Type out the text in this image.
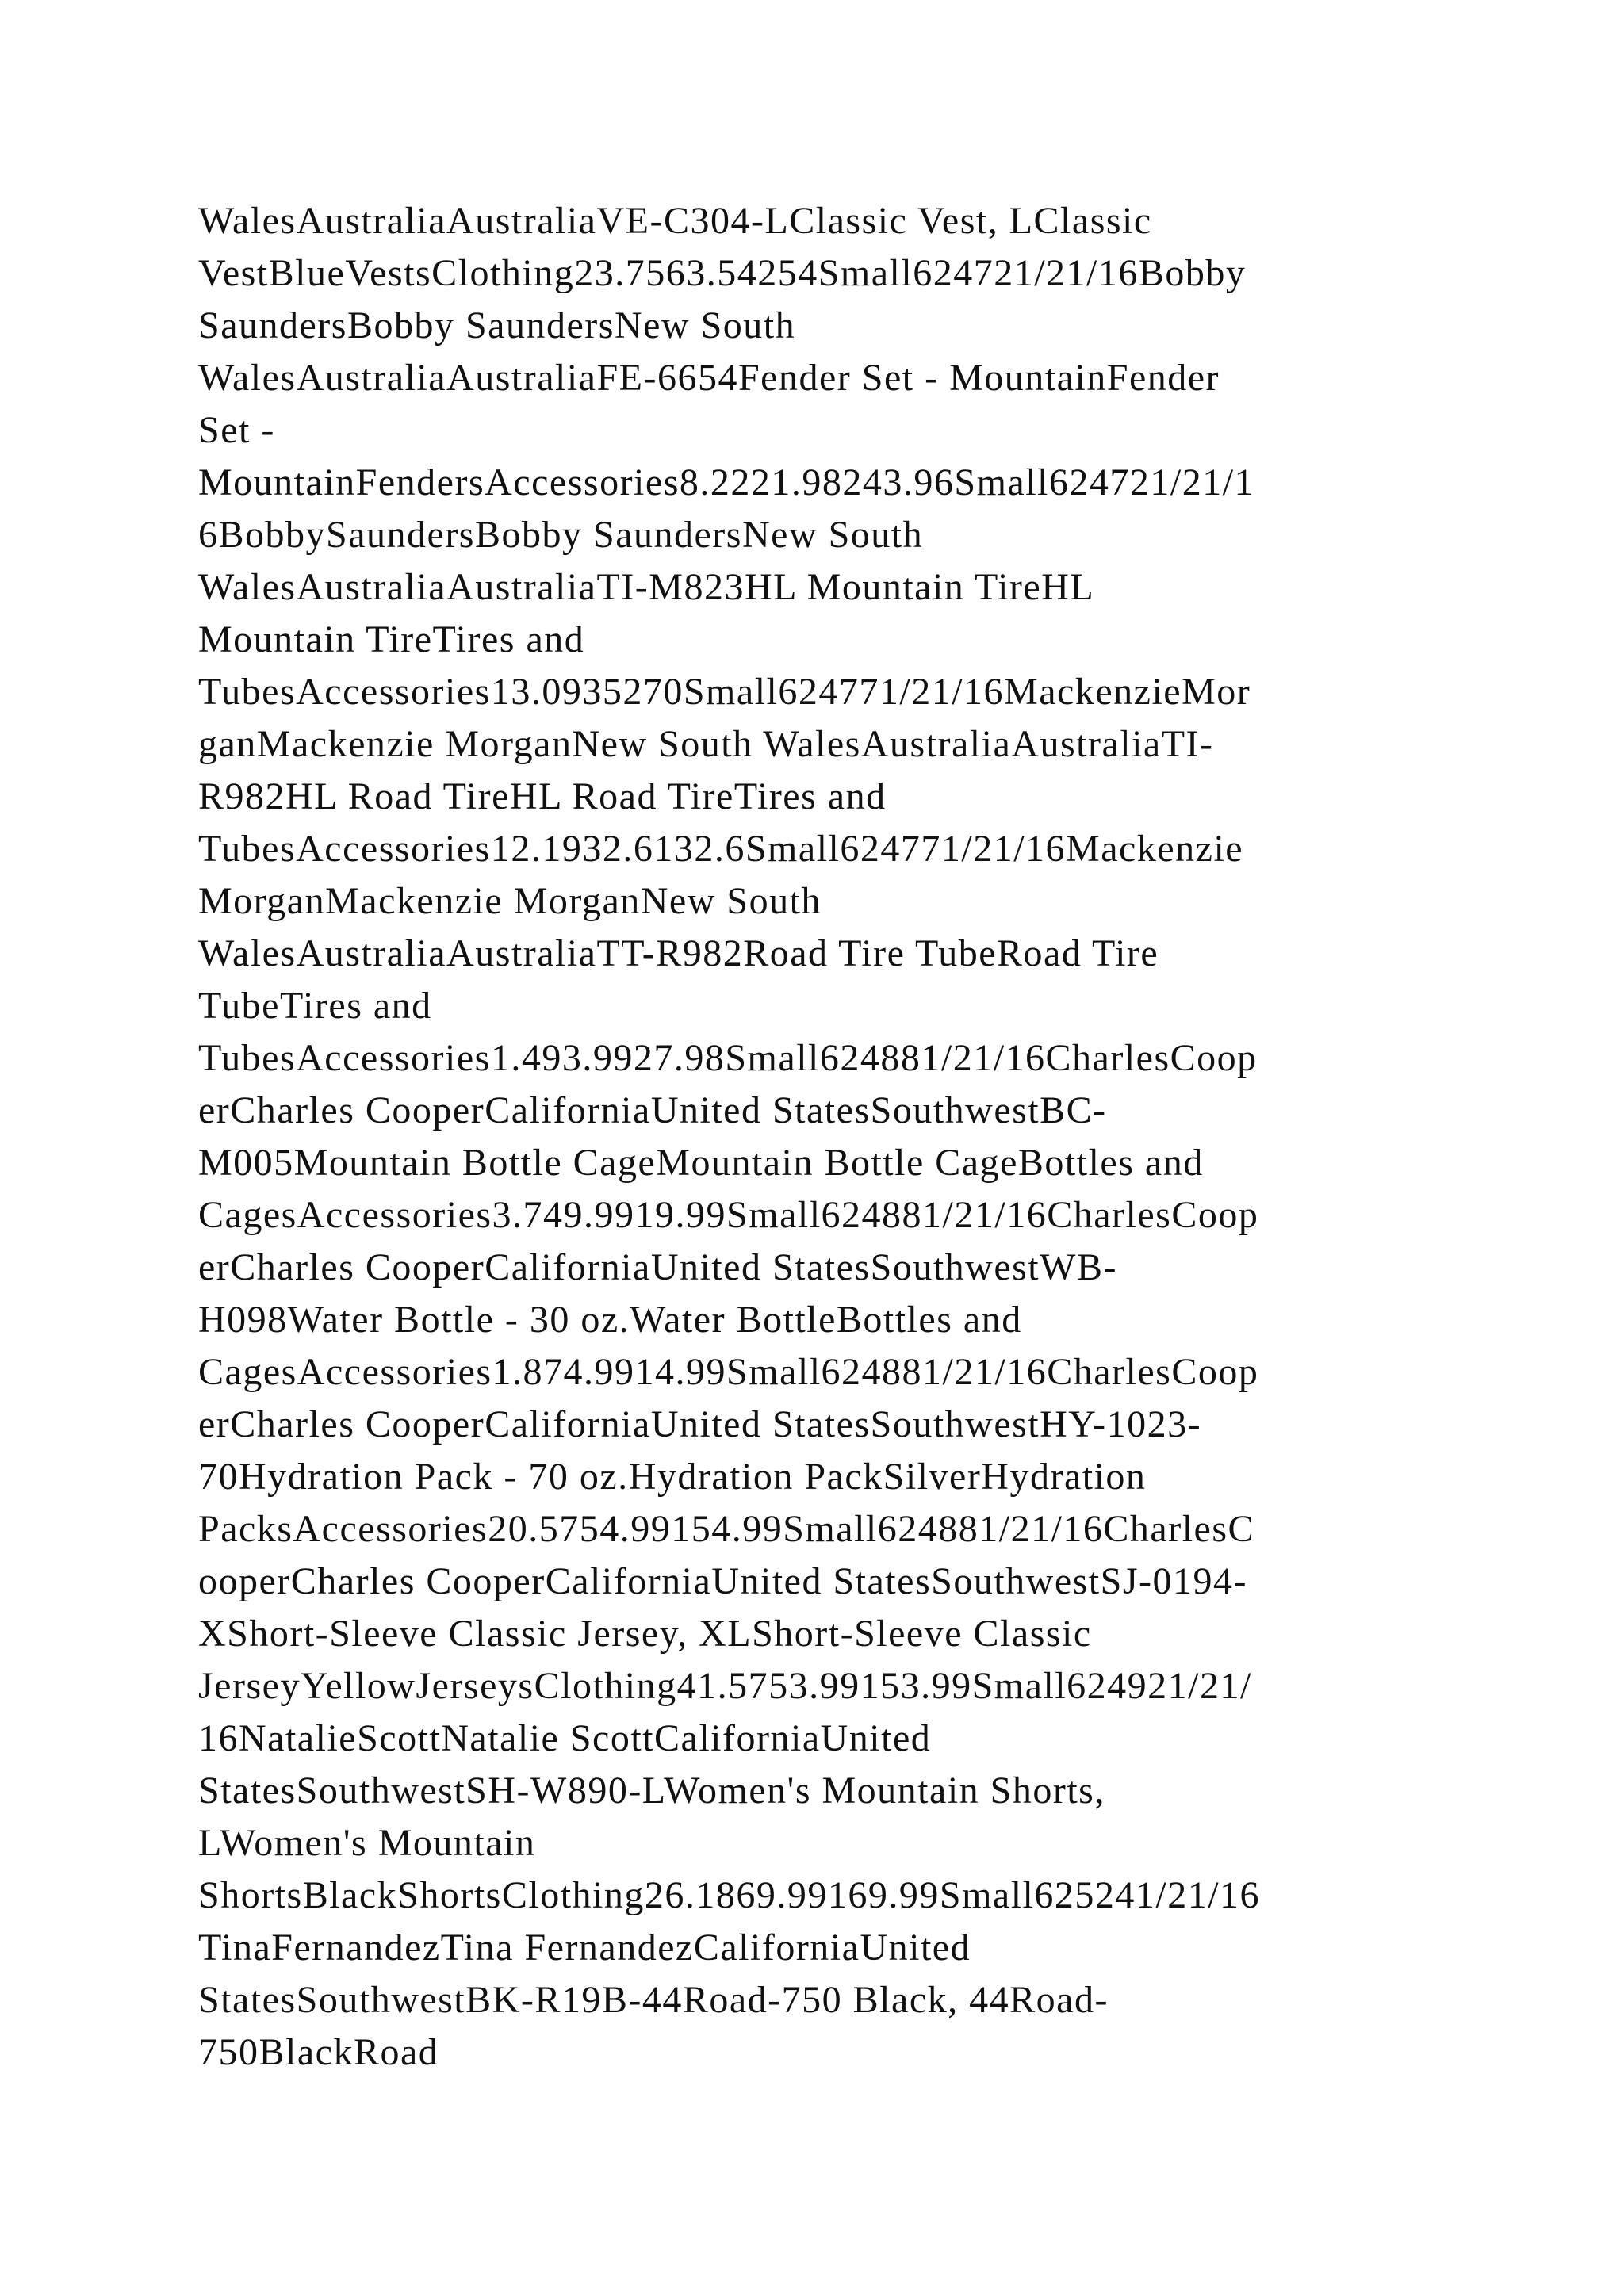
WalesAustraliaAustraliaVE-C304-LClassic Vest, LClassic
VestBlueVestsClothing23.7563.54254Small624721/21/16Bobby
SaundersBobby SaundersNew South
WalesAustraliaAustraliaFE-6654Fender Set - MountainFender
Set -
MountainFendersAccessories8.2221.98243.96Small624721/21/1
6BobbySaundersBobby SaundersNew South
WalesAustraliaAustraliaTI-M823HL Mountain TireHL
Mountain TireTires and
TubesAccessories13.0935270Small624771/21/16MackenzieMor
ganMackenzie MorganNew South WalesAustraliaAustraliaTI-
R982HL Road TireHL Road TireTires and
TubesAccessories12.1932.6132.6Small624771/21/16Mackenzie
MorganMackenzie MorganNew South
WalesAustraliaAustraliaTT-R982Road Tire TubeRoad Tire
TubeTires and
TubesAccessories1.493.9927.98Small624881/21/16CharlesCoop
erCharles CooperCaliforniaUnited StatesSouthwestBC-
M005Mountain Bottle CageMountain Bottle CageBottles and
CagesAccessories3.749.9919.99Small624881/21/16CharlesCoop
erCharles CooperCaliforniaUnited StatesSouthwestWB-
H098Water Bottle - 30 oz.Water BottleBottles and
CagesAccessories1.874.9914.99Small624881/21/16CharlesCoop
erCharles CooperCaliforniaUnited StatesSouthwestHY-1023-
70Hydration Pack - 70 oz.Hydration PackSilverHydration
PacksAccessories20.5754.99154.99Small624881/21/16CharlesC
ooperCharles CooperCaliforniaUnited StatesSouthwestSJ-0194-
XShort-Sleeve Classic Jersey, XLShort-Sleeve Classic
JerseyYellowJerseysClothing41.5753.99153.99Small624921/21/
16NatalieScottNatalie ScottCaliforniaUnited
StatesSouthwestSH-W890-LWomen's Mountain Shorts,
LWomen's Mountain
ShortsBlackShortsClothing26.1869.99169.99Small625241/21/16
TinaFernandezTina FernandezCaliforniaUnited
StatesSouthwestBK-R19B-44Road-750 Black, 44Road-
750BlackRoad
